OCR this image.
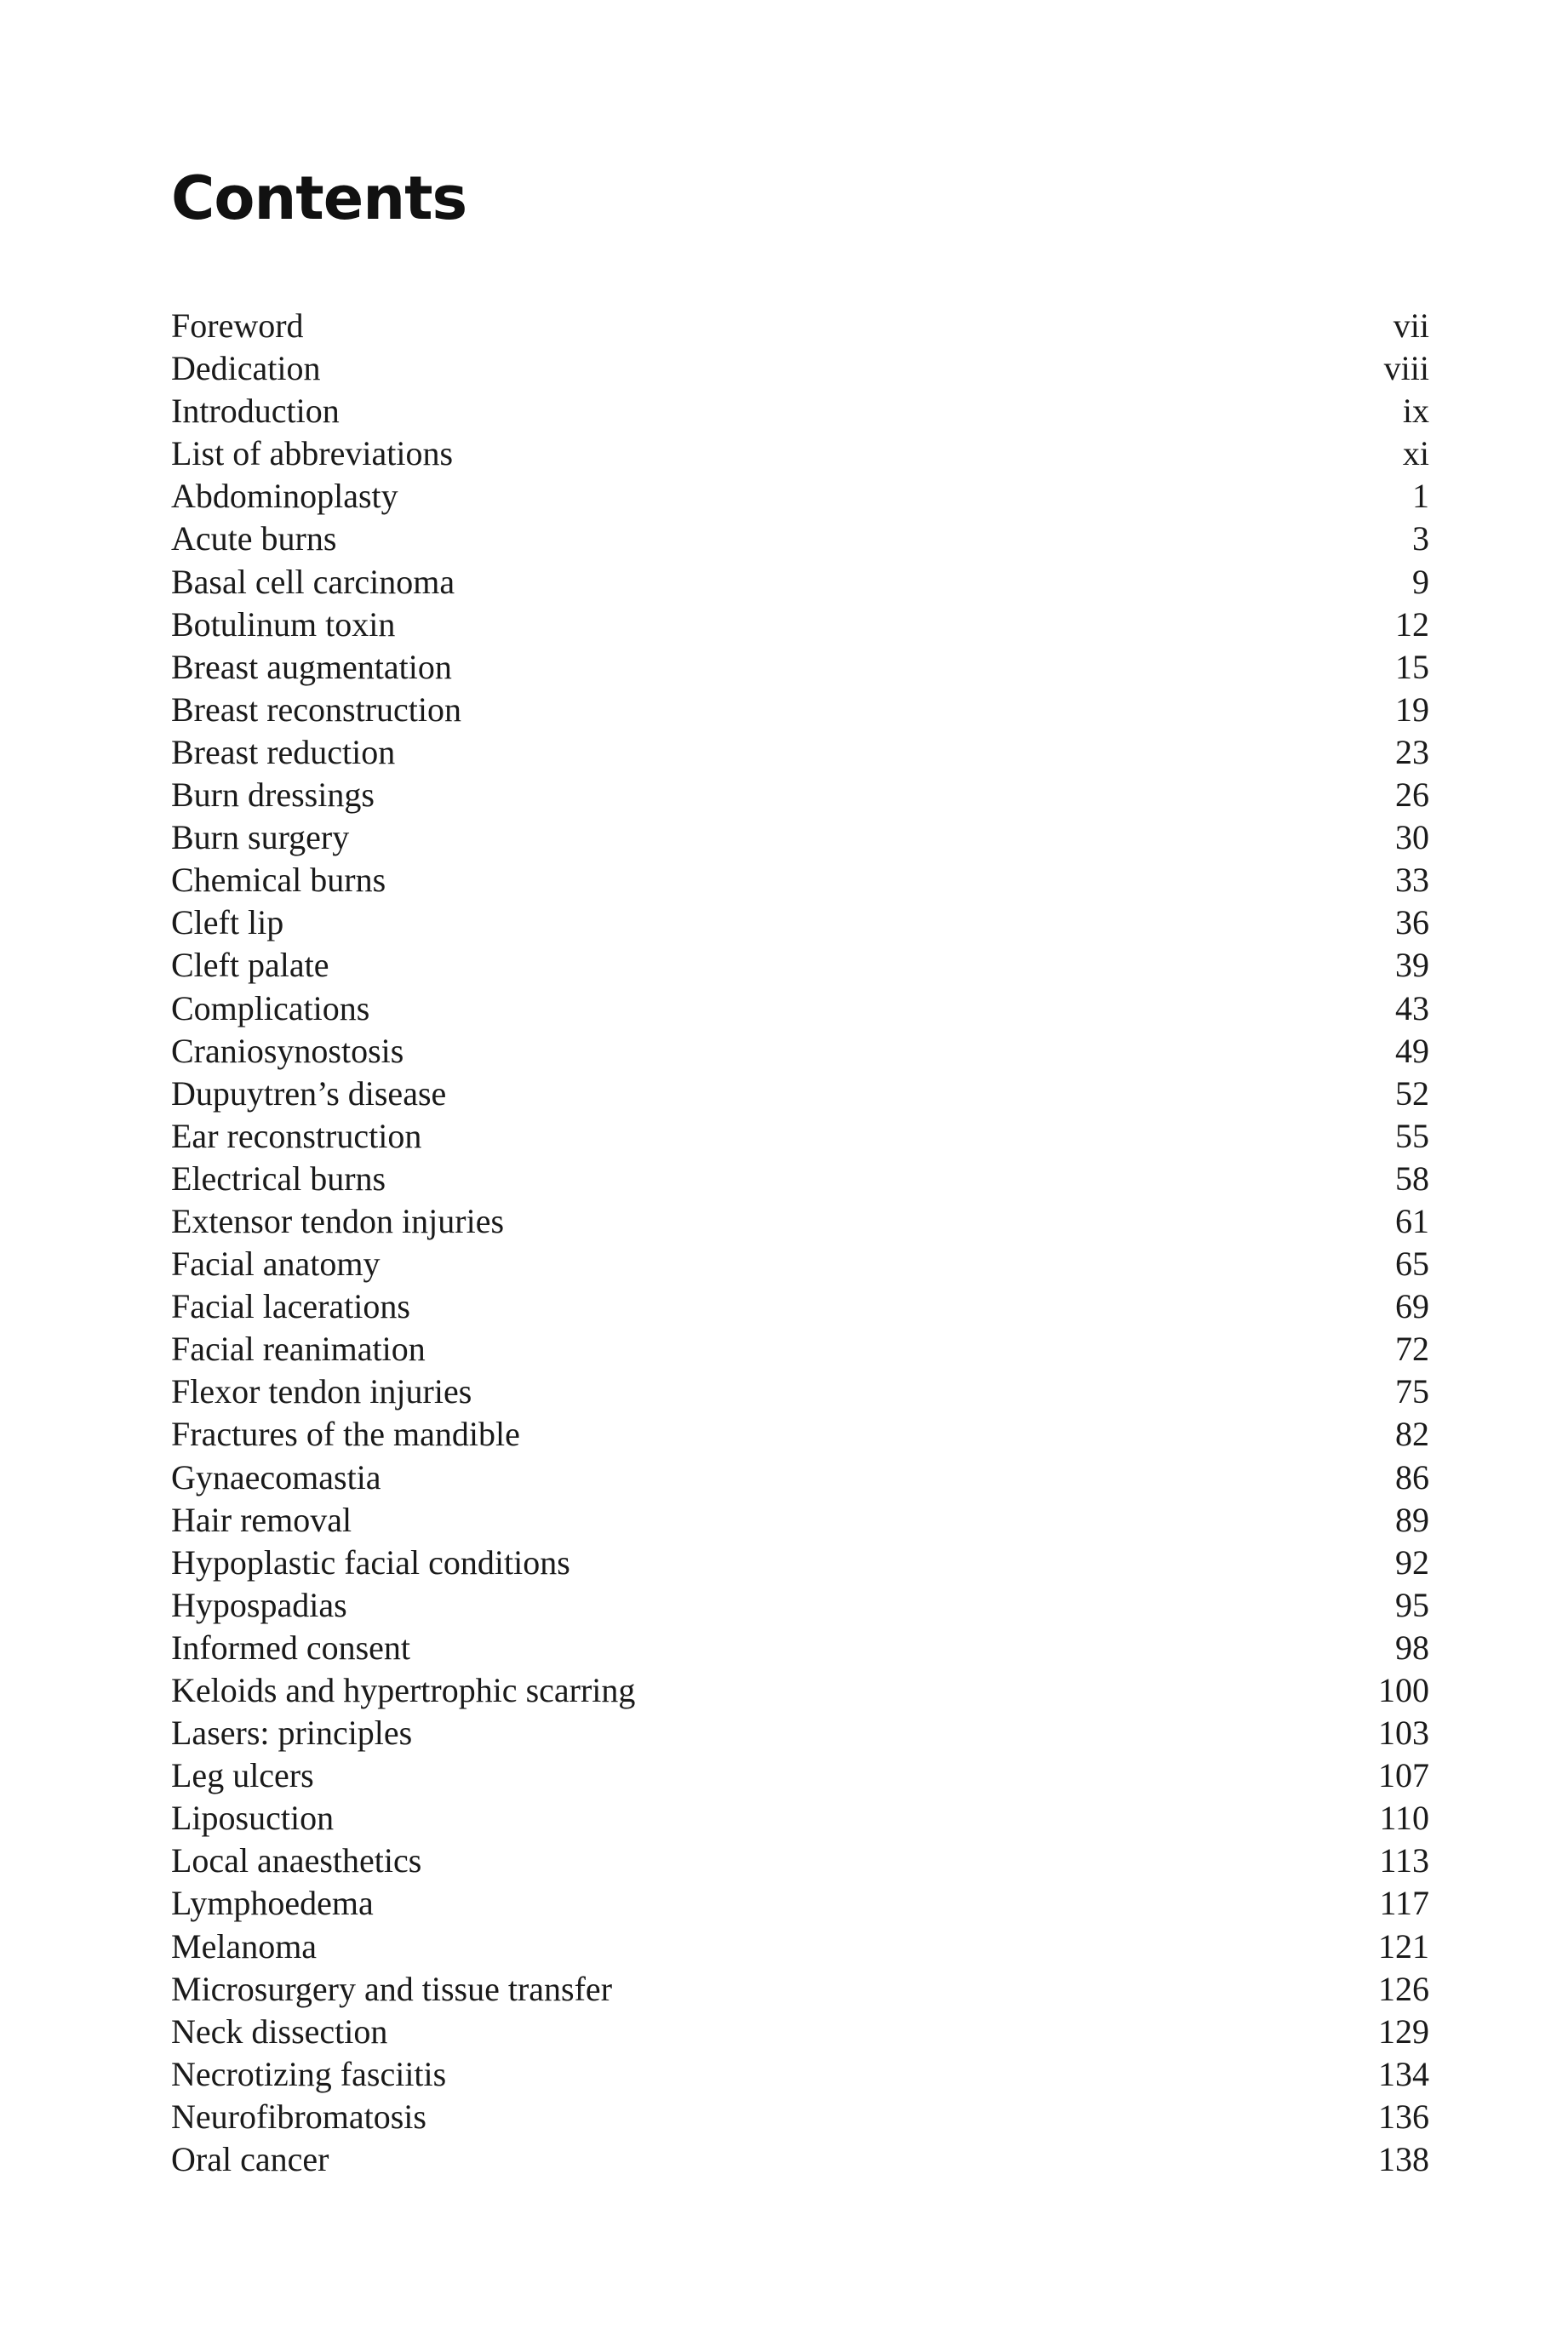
Contents
Foreword	vii
Dedication	viii
Introduction	ix
List of abbreviations	xi
Abdominoplasty	1
Acute burns	3
Basal cell carcinoma	9
Botulinum toxin	12
Breast augmentation	15
Breast reconstruction	19
Breast reduction	23
Burn dressings	26
Burn surgery	30
Chemical burns	33
Cleft lip	36
Cleft palate	39
Complications	43
Craniosynostosis	49
Dupuytren’s disease	52
Ear reconstruction	55
Electrical burns	58
Extensor tendon injuries	61
Facial anatomy	65
Facial lacerations	69
Facial reanimation	72
Flexor tendon injuries	75
Fractures of the mandible	82
Gynaecomastia	86
Hair removal	89
Hypoplastic facial conditions	92
Hypospadias	95
Informed consent	98
Keloids and hypertrophic scarring	100
Lasers: principles	103
Leg ulcers	107
Liposuction	110
Local anaesthetics	113
Lymphoedema	117
Melanoma	121
Microsurgery and tissue transfer	126
Neck dissection	129
Necrotizing fasciitis	134
Neurofibromatosis	136
Oral cancer	138
